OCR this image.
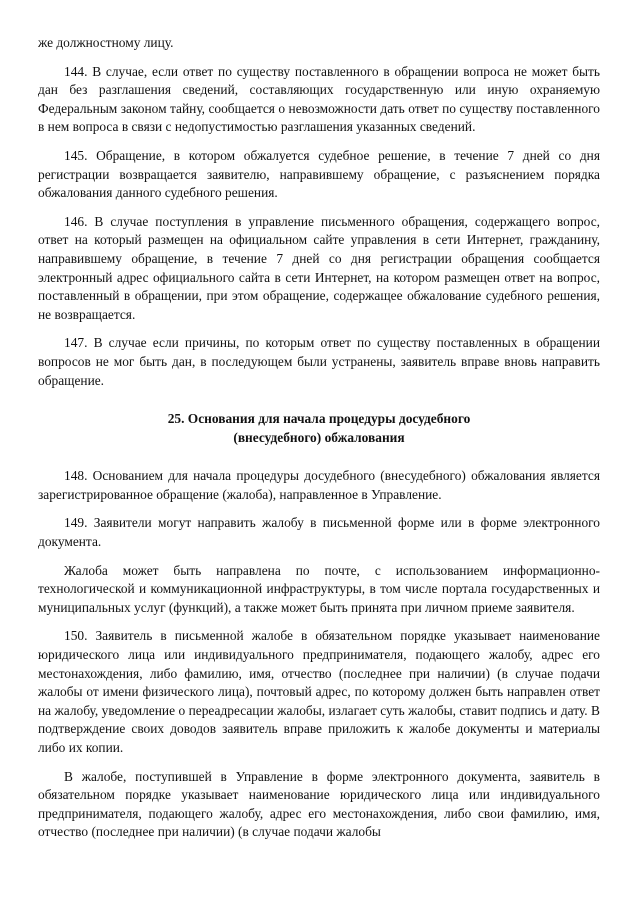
же должностному лицу.

144. В случае, если ответ по существу поставленного в обращении вопроса не может быть дан без разглашения сведений, составляющих государственную или иную охраняемую Федеральным законом тайну, сообщается о невозможности дать ответ по существу поставленного в нем вопроса в связи с недопустимостью разглашения указанных сведений.

145. Обращение, в котором обжалуется судебное решение, в течение 7 дней со дня регистрации возвращается заявителю, направившему обращение, с разъяснением порядка обжалования данного судебного решения.

146. В случае поступления в управление письменного обращения, содержащего вопрос, ответ на который размещен на официальном сайте управления в сети Интернет, гражданину, направившему обращение, в течение 7 дней со дня регистрации обращения сообщается электронный адрес официального сайта в сети Интернет, на котором размещен ответ на вопрос, поставленный в обращении, при этом обращение, содержащее обжалование судебного решения, не возвращается.

147. В случае если причины, по которым ответ по существу поставленных в обращении вопросов не мог быть дан, в последующем были устранены, заявитель вправе вновь направить обращение.

25. Основания для начала процедуры досудебного
(внесудебного) обжалования

148. Основанием для начала процедуры досудебного (внесудебного) обжалования является зарегистрированное обращение (жалоба), направленное в Управление.

149. Заявители могут направить жалобу в письменной форме или в форме электронного документа.

Жалоба может быть направлена по почте, с использованием информационно-технологической и коммуникационной инфраструктуры, в том числе портала государственных и муниципальных услуг (функций), а также может быть принята при личном приеме заявителя.

150. Заявитель в письменной жалобе в обязательном порядке указывает наименование юридического лица или индивидуального предпринимателя, подающего жалобу, адрес его местонахождения, либо фамилию, имя, отчество (последнее при наличии) (в случае подачи жалобы от имени физического лица), почтовый адрес, по которому должен быть направлен ответ на жалобу, уведомление о переадресации жалобы, излагает суть жалобы, ставит подпись и дату. В подтверждение своих доводов заявитель вправе приложить к жалобе документы и материалы либо их копии.

В жалобе, поступившей в Управление в форме электронного документа, заявитель в обязательном порядке указывает наименование юридического лица или индивидуального предпринимателя, подающего жалобу, адрес его местонахождения, либо свои фамилию, имя, отчество (последнее при наличии) (в случае подачи жалобы
